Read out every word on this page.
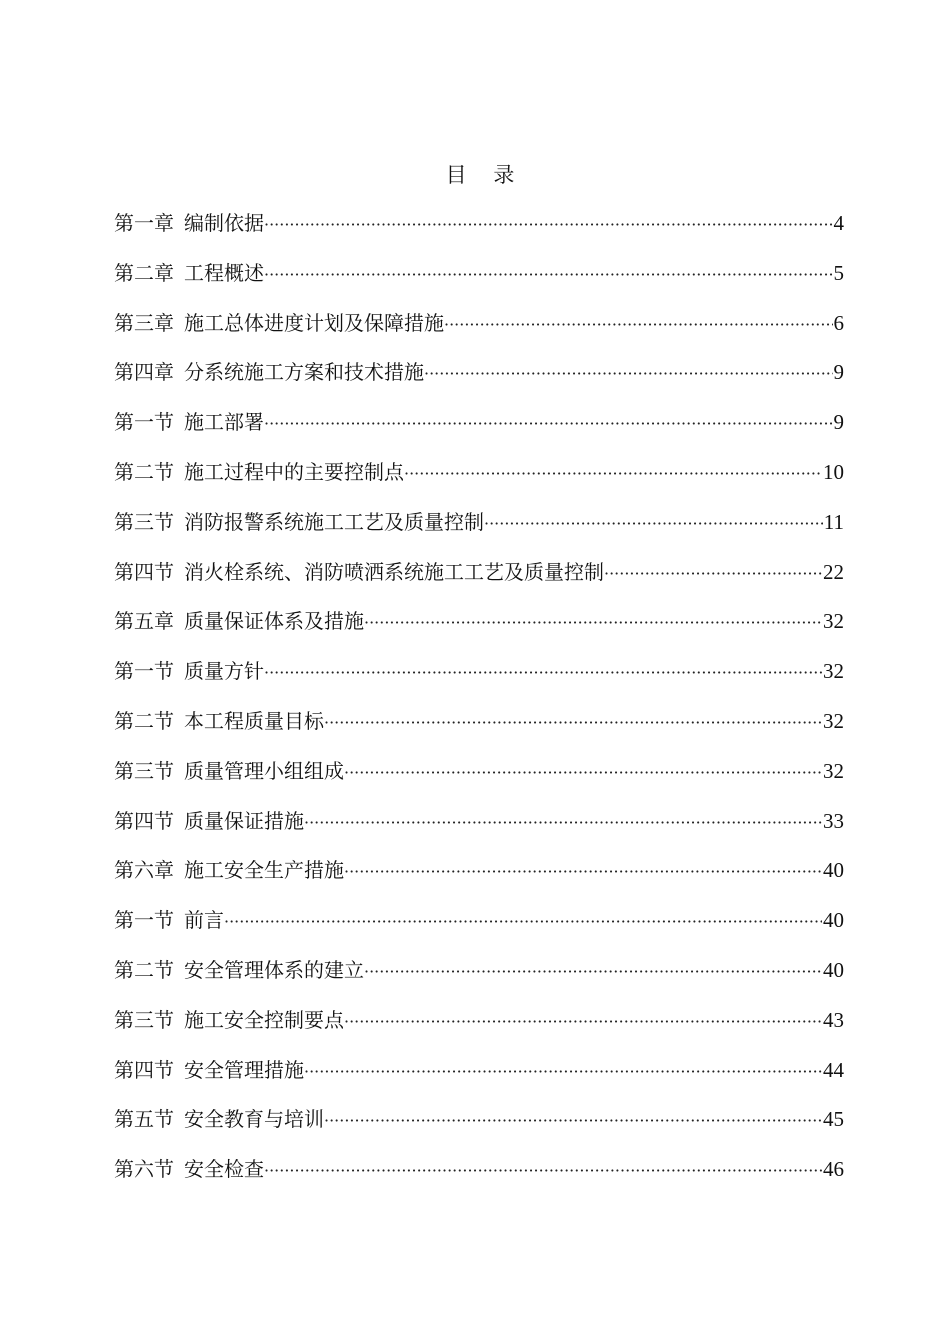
目 录
第一章 编制依据 ·····	4
第二章 工程概述 ·····	5
第三章 施工总体进度计划及保障措施 ·····	6
第四章 分系统施工方案和技术措施 ·····	9
第一节 施工部署 ·····	9
第二节 施工过程中的主要控制点 ·····	10
第三节 消防报警系统施工工艺及质量控制 ·····	11
第四节 消火栓系统、消防喷洒系统施工工艺及质量控制 ·····	22
第五章 质量保证体系及措施 ·····	32
第一节 质量方针 ·····	32
第二节 本工程质量目标 ·····	32
第三节 质量管理小组组成 ·····	32
第四节 质量保证措施 ·····	33
第六章 施工安全生产措施 ·····	40
第一节 前言 ·····	40
第二节 安全管理体系的建立 ·····	40
第三节 施工安全控制要点 ·····	43
第四节 安全管理措施 ·····	44
第五节 安全教育与培训 ·····	45
第六节 安全检查 ·····	46
